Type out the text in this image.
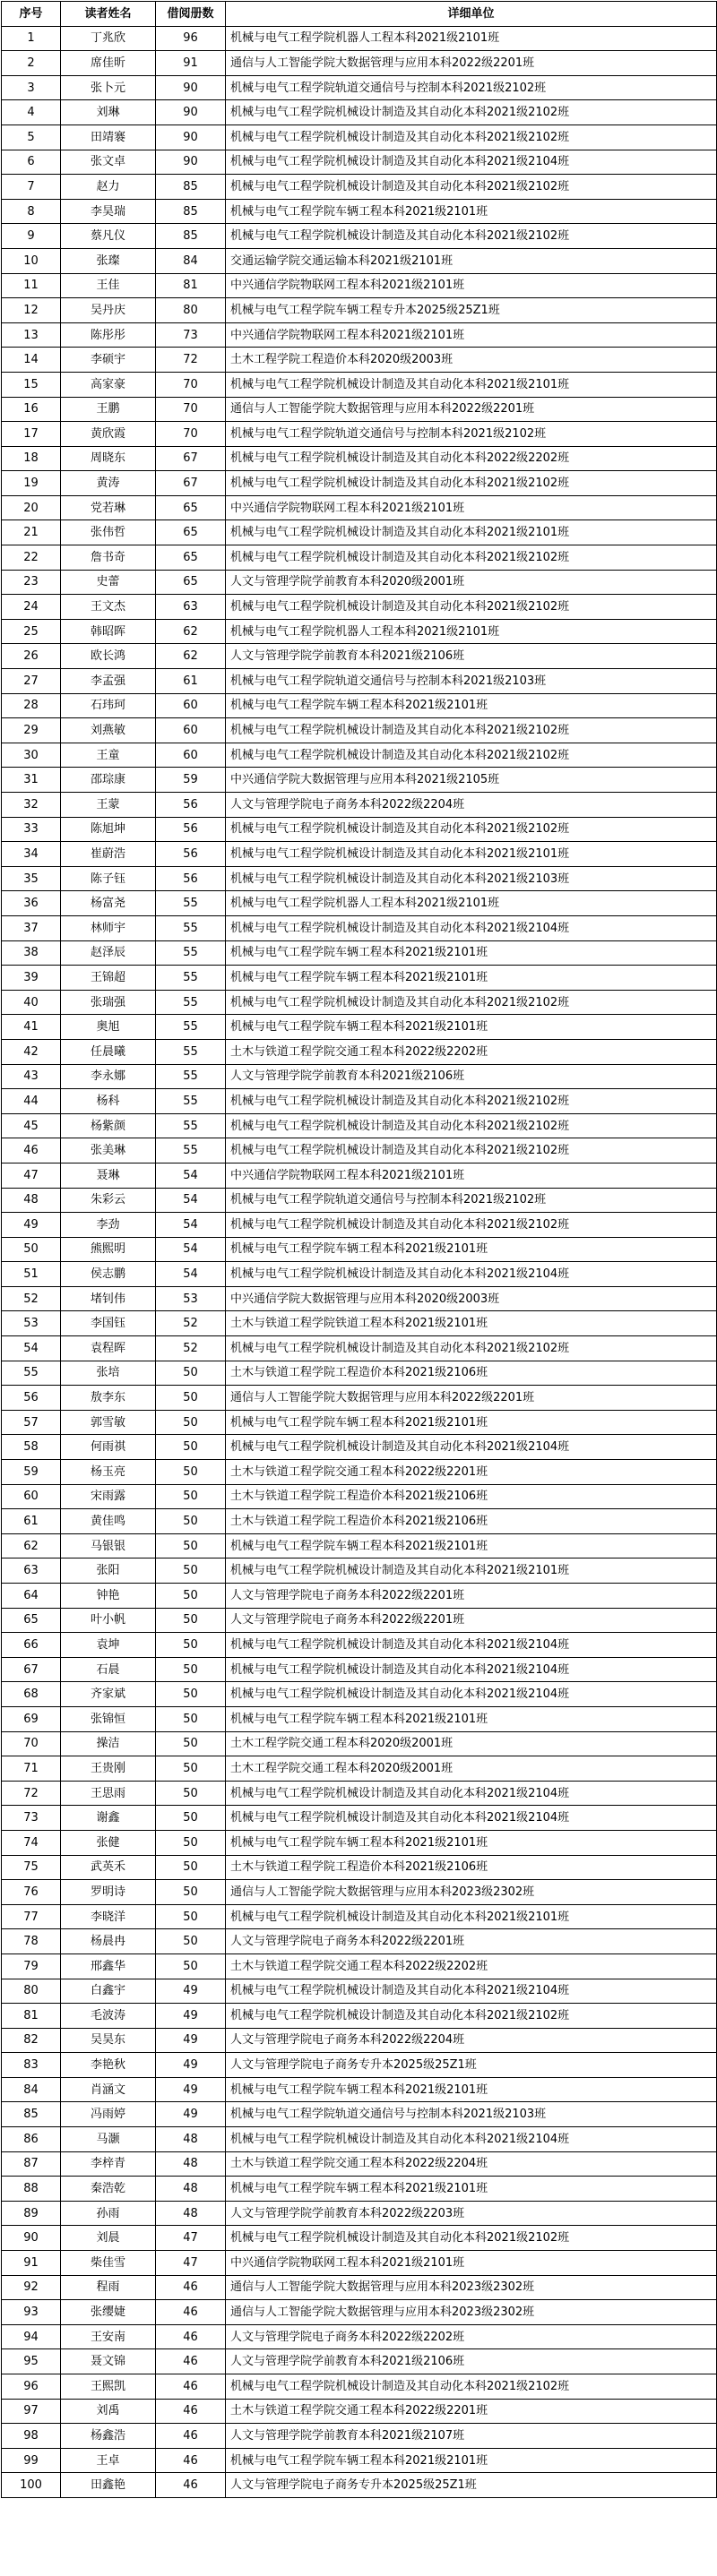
序号	读者姓名	借阅册数	详细单位
1	丁兆欣	96	机械与电气工程学院机器人工程本科2021级2101班
2	席佳昕	91	通信与人工智能学院大数据管理与应用本科2022级2201班
3	张卜元	90	机械与电气工程学院轨道交通信号与控制本科2021级2102班
4	刘琳	90	机械与电气工程学院机械设计制造及其自动化本科2021级2102班
5	田靖褰	90	机械与电气工程学院机械设计制造及其自动化本科2021级2102班
6	张文卓	90	机械与电气工程学院机械设计制造及其自动化本科2021级2104班
7	赵力	85	机械与电气工程学院机械设计制造及其自动化本科2021级2102班
8	李昊瑞	85	机械与电气工程学院车辆工程本科2021级2101班
9	蔡凡仪	85	机械与电气工程学院机械设计制造及其自动化本科2021级2102班
10	张璨	84	交通运输学院交通运输本科2021级2101班
11	王佳	81	中兴通信学院物联网工程本科2021级2101班
12	吴丹庆	80	机械与电气工程学院车辆工程专升本2025级25Z1班
13	陈彤彤	73	中兴通信学院物联网工程本科2021级2101班
14	李硕宇	72	土木工程学院工程造价本科2020级2003班
15	高家豪	70	机械与电气工程学院机械设计制造及其自动化本科2021级2101班
16	王鹏	70	通信与人工智能学院大数据管理与应用本科2022级2201班
17	黄欣霞	70	机械与电气工程学院轨道交通信号与控制本科2021级2102班
18	周晓东	67	机械与电气工程学院机械设计制造及其自动化本科2022级2202班
19	黄涛	67	机械与电气工程学院机械设计制造及其自动化本科2021级2102班
20	党若琳	65	中兴通信学院物联网工程本科2021级2101班
21	张伟哲	65	机械与电气工程学院机械设计制造及其自动化本科2021级2101班
22	詹书奇	65	机械与电气工程学院机械设计制造及其自动化本科2021级2102班
23	史蕾	65	人文与管理学院学前教育本科2020级2001班
24	王文杰	63	机械与电气工程学院机械设计制造及其自动化本科2021级2102班
25	韩昭晖	62	机械与电气工程学院机器人工程本科2021级2101班
26	欧长鸿	62	人文与管理学院学前教育本科2021级2106班
27	李孟强	61	机械与电气工程学院轨道交通信号与控制本科2021级2103班
28	石玮珂	60	机械与电气工程学院车辆工程本科2021级2101班
29	刘燕敏	60	机械与电气工程学院机械设计制造及其自动化本科2021级2102班
30	王童	60	机械与电气工程学院机械设计制造及其自动化本科2021级2102班
31	邵琮康	59	中兴通信学院大数据管理与应用本科2021级2105班
32	王蒙	56	人文与管理学院电子商务本科2022级2204班
33	陈旭坤	56	机械与电气工程学院机械设计制造及其自动化本科2021级2102班
34	崔蔚浩	56	机械与电气工程学院机械设计制造及其自动化本科2021级2101班
35	陈子钰	56	机械与电气工程学院机械设计制造及其自动化本科2021级2103班
36	杨富尧	55	机械与电气工程学院机器人工程本科2021级2101班
37	林师宇	55	机械与电气工程学院机械设计制造及其自动化本科2021级2104班
38	赵泽辰	55	机械与电气工程学院车辆工程本科2021级2101班
39	王锦超	55	机械与电气工程学院车辆工程本科2021级2101班
40	张瑞强	55	机械与电气工程学院机械设计制造及其自动化本科2021级2102班
41	奥旭	55	机械与电气工程学院车辆工程本科2021级2101班
42	任晨曦	55	土木与铁道工程学院交通工程本科2022级2202班
43	李永娜	55	人文与管理学院学前教育本科2021级2106班
44	杨科	55	机械与电气工程学院机械设计制造及其自动化本科2021级2102班
45	杨紫颜	55	机械与电气工程学院机械设计制造及其自动化本科2021级2102班
46	张美琳	55	机械与电气工程学院机械设计制造及其自动化本科2021级2102班
47	聂琳	54	中兴通信学院物联网工程本科2021级2101班
48	朱彩云	54	机械与电气工程学院轨道交通信号与控制本科2021级2102班
49	李劲	54	机械与电气工程学院机械设计制造及其自动化本科2021级2102班
50	熊熙明	54	机械与电气工程学院车辆工程本科2021级2101班
51	侯志鹏	54	机械与电气工程学院机械设计制造及其自动化本科2021级2104班
52	堵钊伟	53	中兴通信学院大数据管理与应用本科2020级2003班
53	李国钰	52	土木与铁道工程学院铁道工程本科2021级2101班
54	袁程晖	52	机械与电气工程学院机械设计制造及其自动化本科2021级2102班
55	张培	50	土木与铁道工程学院工程造价本科2021级2106班
56	敖李东	50	通信与人工智能学院大数据管理与应用本科2022级2201班
57	郭雪敏	50	机械与电气工程学院车辆工程本科2021级2101班
58	何雨祺	50	机械与电气工程学院机械设计制造及其自动化本科2021级2104班
59	杨玉亮	50	土木与铁道工程学院交通工程本科2022级2201班
60	宋雨露	50	土木与铁道工程学院工程造价本科2021级2106班
61	黄佳鸣	50	土木与铁道工程学院工程造价本科2021级2106班
62	马银银	50	机械与电气工程学院车辆工程本科2021级2101班
63	张阳	50	机械与电气工程学院机械设计制造及其自动化本科2021级2101班
64	钟艳	50	人文与管理学院电子商务本科2022级2201班
65	叶小帆	50	人文与管理学院电子商务本科2022级2201班
66	袁坤	50	机械与电气工程学院机械设计制造及其自动化本科2021级2104班
67	石晨	50	机械与电气工程学院机械设计制造及其自动化本科2021级2104班
68	齐家斌	50	机械与电气工程学院机械设计制造及其自动化本科2021级2104班
69	张锦恒	50	机械与电气工程学院车辆工程本科2021级2101班
70	操洁	50	土木工程学院交通工程本科2020级2001班
71	王贵刚	50	土木工程学院交通工程本科2020级2001班
72	王思雨	50	机械与电气工程学院机械设计制造及其自动化本科2021级2104班
73	谢鑫	50	机械与电气工程学院机械设计制造及其自动化本科2021级2104班
74	张健	50	机械与电气工程学院车辆工程本科2021级2101班
75	武英禾	50	土木与铁道工程学院工程造价本科2021级2106班
76	罗明诗	50	通信与人工智能学院大数据管理与应用本科2023级2302班
77	李晓洋	50	机械与电气工程学院机械设计制造及其自动化本科2021级2101班
78	杨晨冉	50	人文与管理学院电子商务本科2022级2201班
79	邢鑫华	50	土木与铁道工程学院交通工程本科2022级2202班
80	白鑫宇	49	机械与电气工程学院机械设计制造及其自动化本科2021级2104班
81	毛波涛	49	机械与电气工程学院机械设计制造及其自动化本科2021级2102班
82	吴昊东	49	人文与管理学院电子商务本科2022级2204班
83	李艳秋	49	人文与管理学院电子商务专升本2025级25Z1班
84	肖涵文	49	机械与电气工程学院车辆工程本科2021级2101班
85	冯雨婷	49	机械与电气工程学院轨道交通信号与控制本科2021级2103班
86	马灏	48	机械与电气工程学院机械设计制造及其自动化本科2021级2104班
87	李梓青	48	土木与铁道工程学院交通工程本科2022级2204班
88	秦浩乾	48	机械与电气工程学院车辆工程本科2021级2101班
89	孙雨	48	人文与管理学院学前教育本科2022级2203班
90	刘晨	47	机械与电气工程学院机械设计制造及其自动化本科2021级2102班
91	柴佳雪	47	中兴通信学院物联网工程本科2021级2101班
92	程雨	46	通信与人工智能学院大数据管理与应用本科2023级2302班
93	张缨婕	46	通信与人工智能学院大数据管理与应用本科2023级2302班
94	王安南	46	人文与管理学院电子商务本科2022级2202班
95	聂文锦	46	人文与管理学院学前教育本科2021级2106班
96	王熙凯	46	机械与电气工程学院机械设计制造及其自动化本科2021级2102班
97	刘禹	46	土木与铁道工程学院交通工程本科2022级2201班
98	杨鑫浩	46	人文与管理学院学前教育本科2021级2107班
99	王卓	46	机械与电气工程学院车辆工程本科2021级2101班
100	田鑫艳	46	人文与管理学院电子商务专升本2025级25Z1班
